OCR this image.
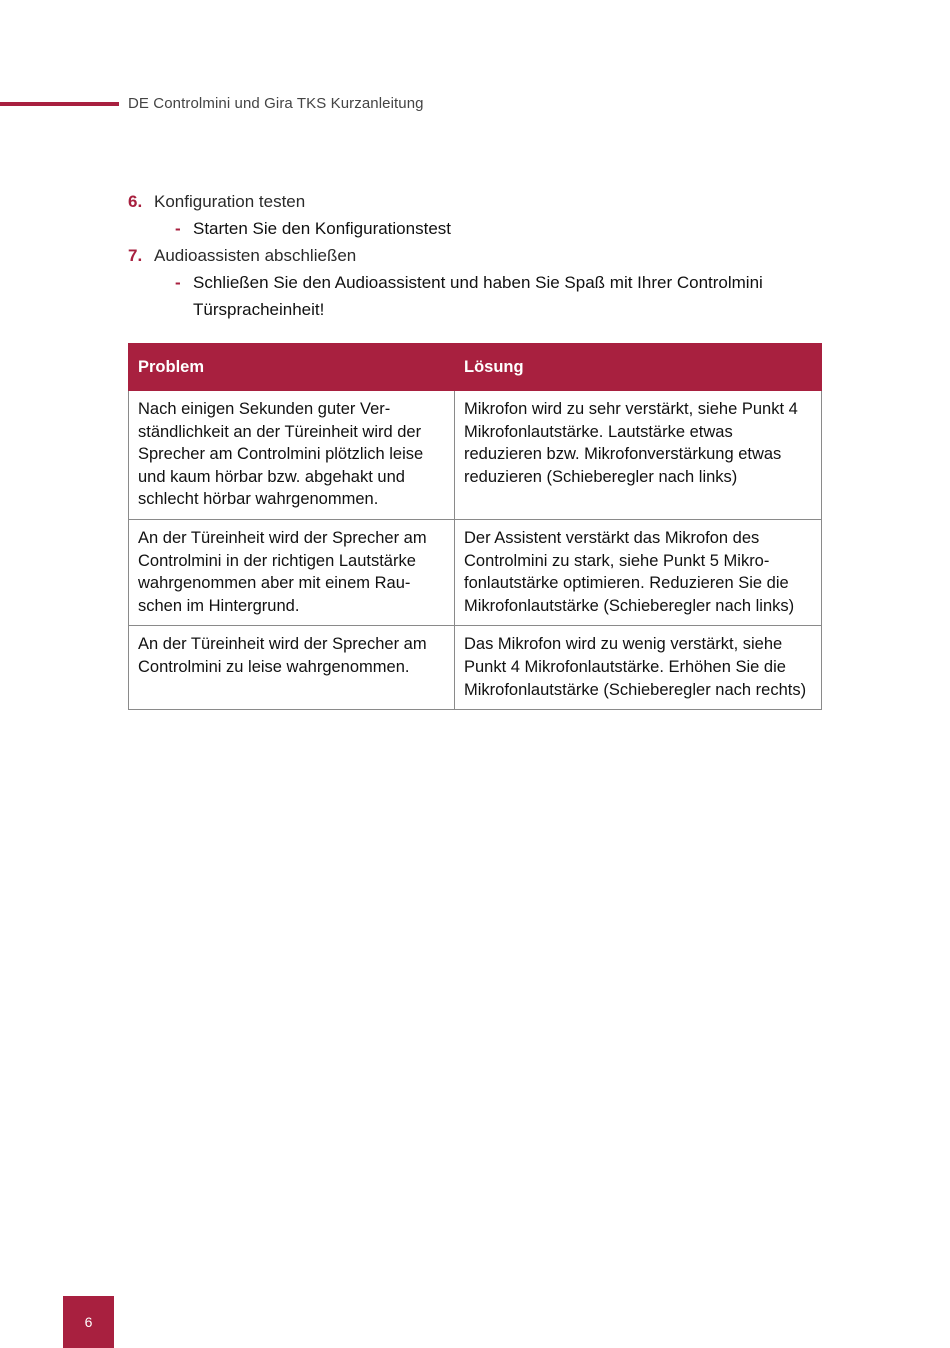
DE Controlmini und Gira TKS Kurzanleitung
6. Konfiguration testen
- Starten Sie den Konfigurationstest
7. Audioassisten abschließen
- Schließen Sie den Audioassistent und haben Sie Spaß mit Ihrer Controlmini Türspracheinheit!
Problem	Lösung
Nach einigen Sekunden guter Ver-ständlichkeit an der Türeinheit wird der Sprecher am Controlmini plötzlich leise und kaum hörbar bzw. abgehakt und schlecht hörbar wahrgenommen.	Mikrofon wird zu sehr verstärkt, siehe Punkt 4 Mikrofonlautstärke. Lautstärke etwas reduzieren bzw. Mikrofonverstärkung etwas reduzieren (Schieberegler nach links)
An der Türeinheit wird der Sprecher am Controlmini in der richtigen Lautstärke wahrgenommen aber mit einem Rau-schen im Hintergrund.	Der Assistent verstärkt das Mikrofon des Controlmini zu stark, siehe Punkt 5 Mikro-fonlautstärke optimieren. Reduzieren Sie die Mikrofonlautstärke (Schieberegler nach links)
An der Türeinheit wird der Sprecher am Controlmini zu leise wahrgenommen.	Das Mikrofon wird zu wenig verstärkt, siehe Punkt 4 Mikrofonlautstärke. Erhöhen Sie die Mikrofonlautstärke (Schieberegler nach rechts)
6
